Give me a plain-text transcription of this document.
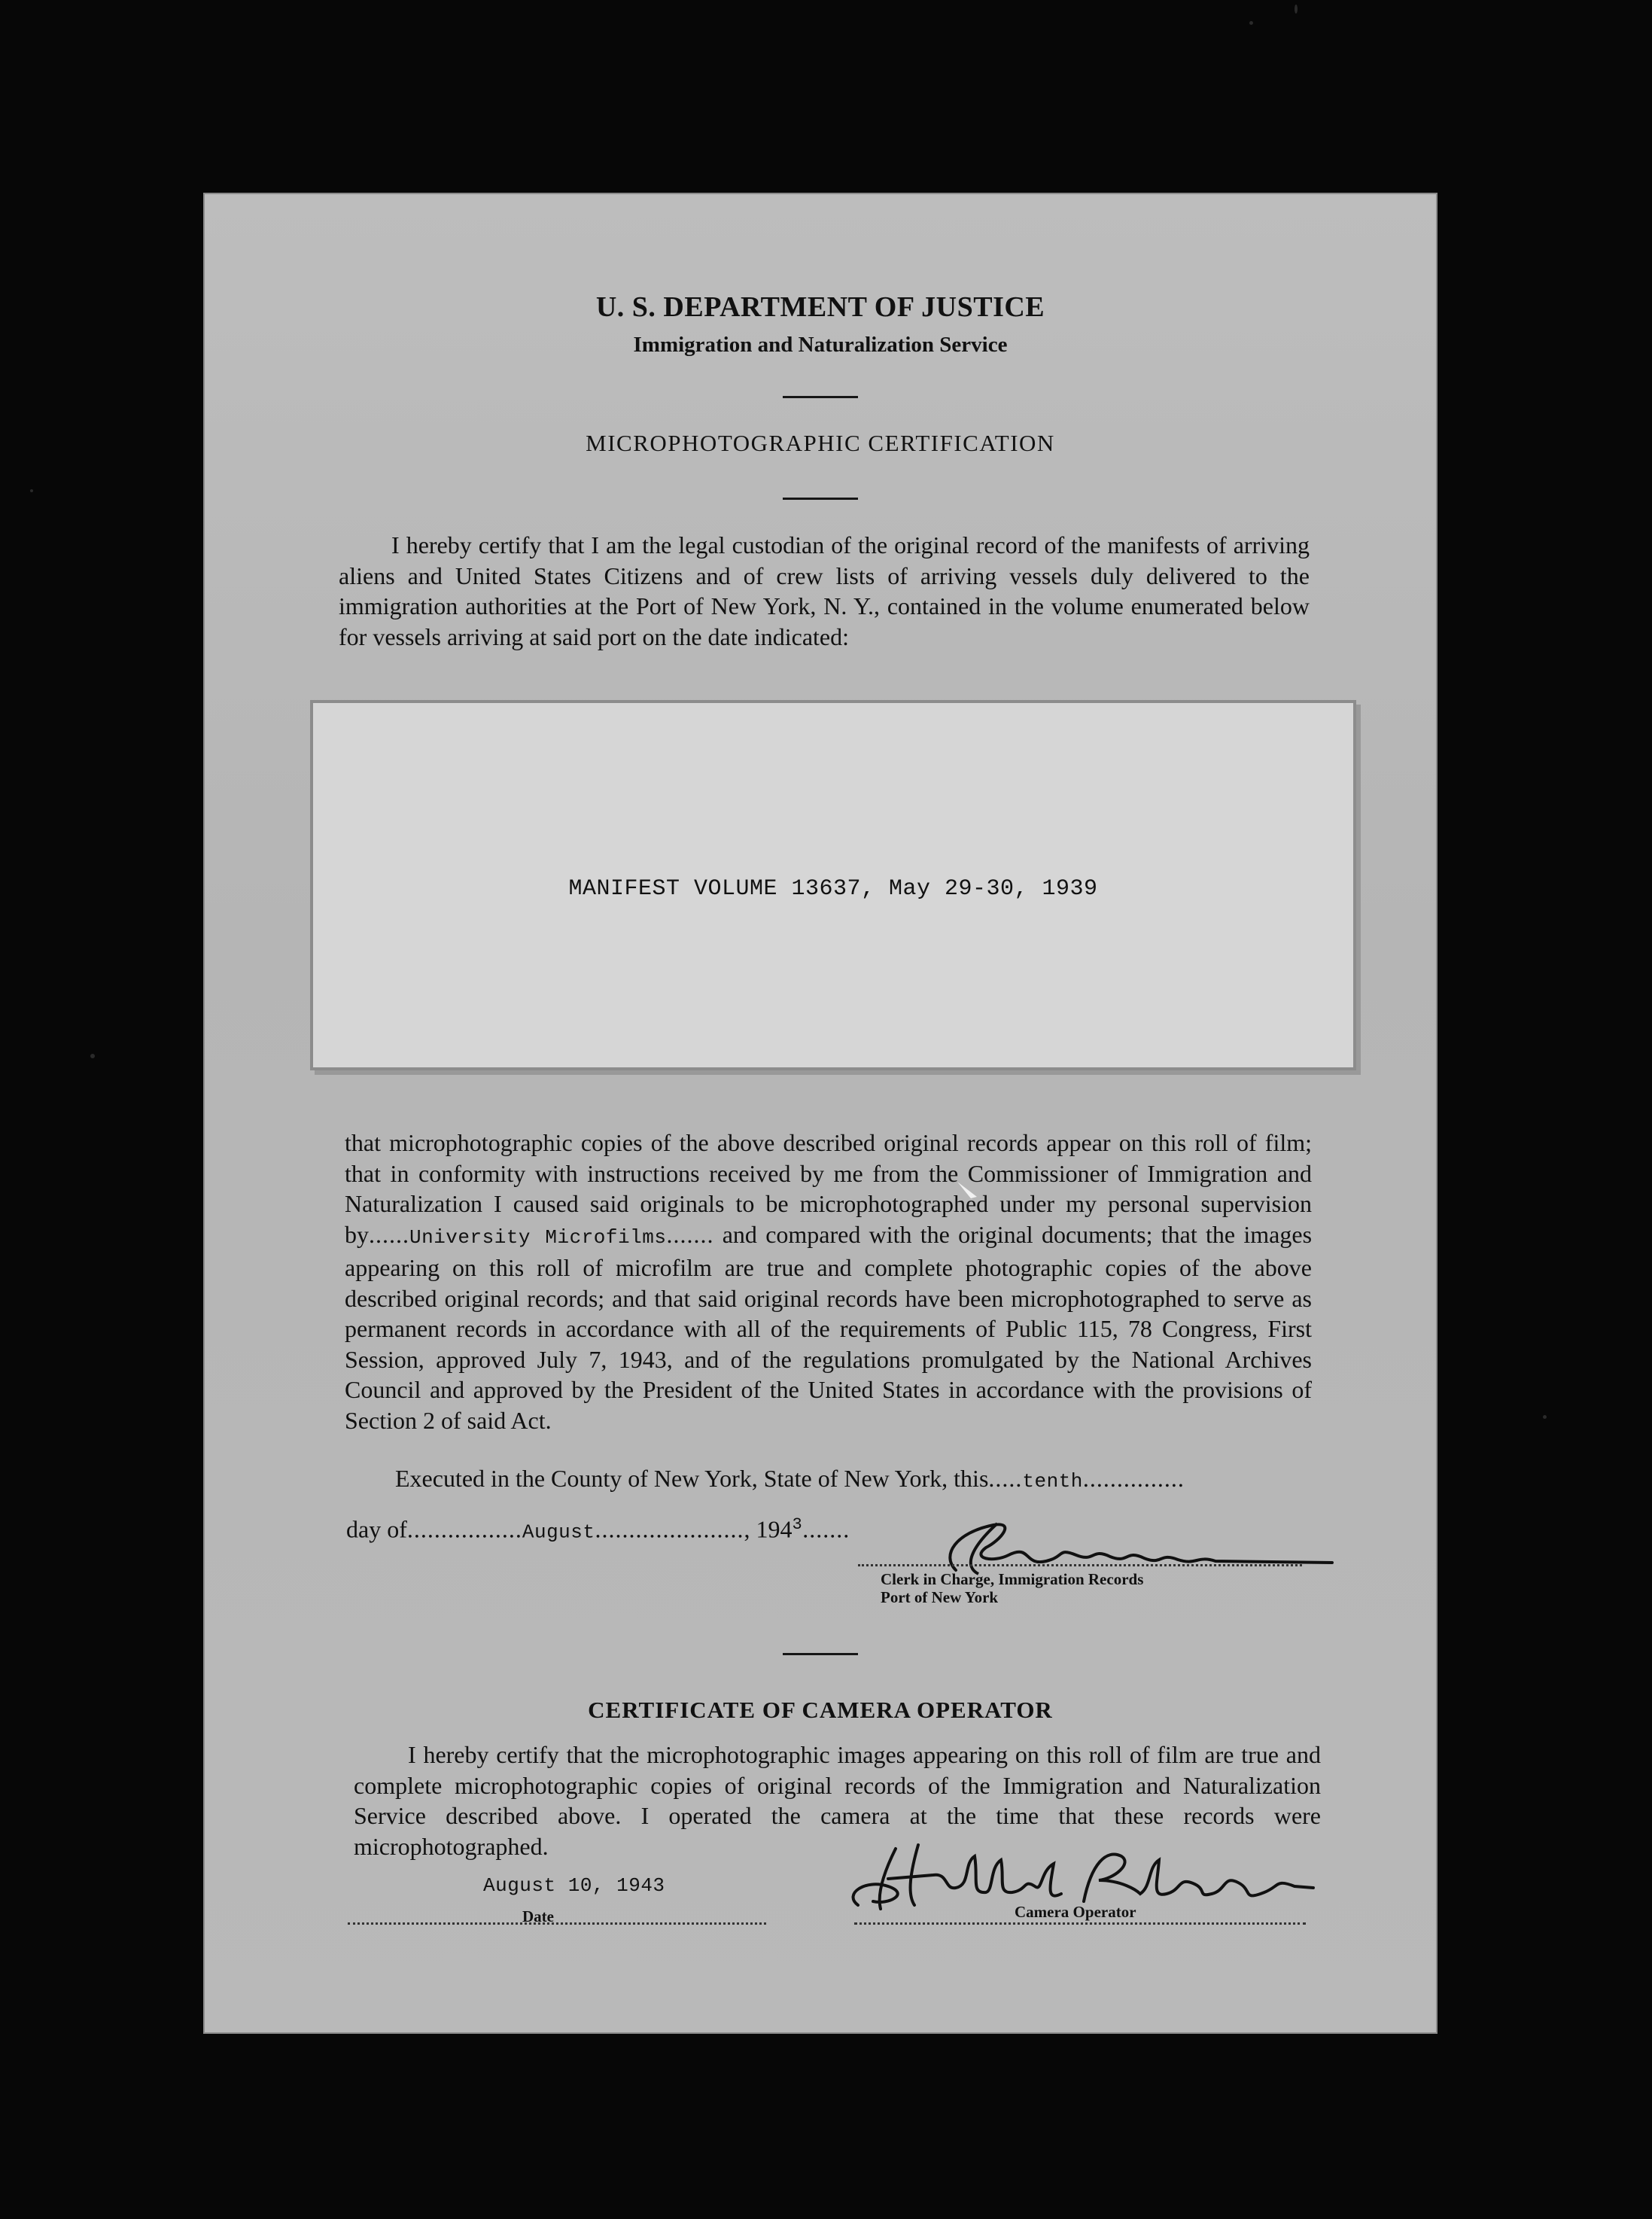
U. S. DEPARTMENT OF JUSTICE
Immigration and Naturalization Service
MICROPHOTOGRAPHIC CERTIFICATION

I hereby certify that I am the legal custodian of the original record of the manifests of arriving aliens and United States Citizens and of crew lists of arriving vessels duly delivered to the immigration authorities at the Port of New York, N. Y., contained in the volume enumerated below for vessels arriving at said port on the date indicated:

MANIFEST VOLUME 13637, May 29-30, 1939

that microphotographic copies of the above described original records appear on this roll of film; that in conformity with instructions received by me from the Commissioner of Immigration and Naturalization I caused said originals to be microphotographed under my personal supervision by......University Microfilms....... and compared with the original documents; that the images appearing on this roll of microfilm are true and complete photographic copies of the above described original records; and that said original records have been microphotographed to serve as permanent records in accordance with all of the requirements of Public 115, 78 Congress, First Session, approved July 7, 1943, and of the regulations promulgated by the National Archives Council and approved by the President of the United States in accordance with the provisions of Section 2 of said Act.

Executed in the County of New York, State of New York, this.....tenth...............
day of.................August......................, $194^3$.......
Clerk in Charge, Immigration Records
Port of New York
CERTIFICATE OF CAMERA OPERATOR

I hereby certify that the microphotographic images appearing on this roll of film are true and complete microphotographic copies of original records of the Immigration and Naturalization Service described above. I operated the camera at the time that these records were microphotographed.

August 10, 1943
Date	Camera Operator
